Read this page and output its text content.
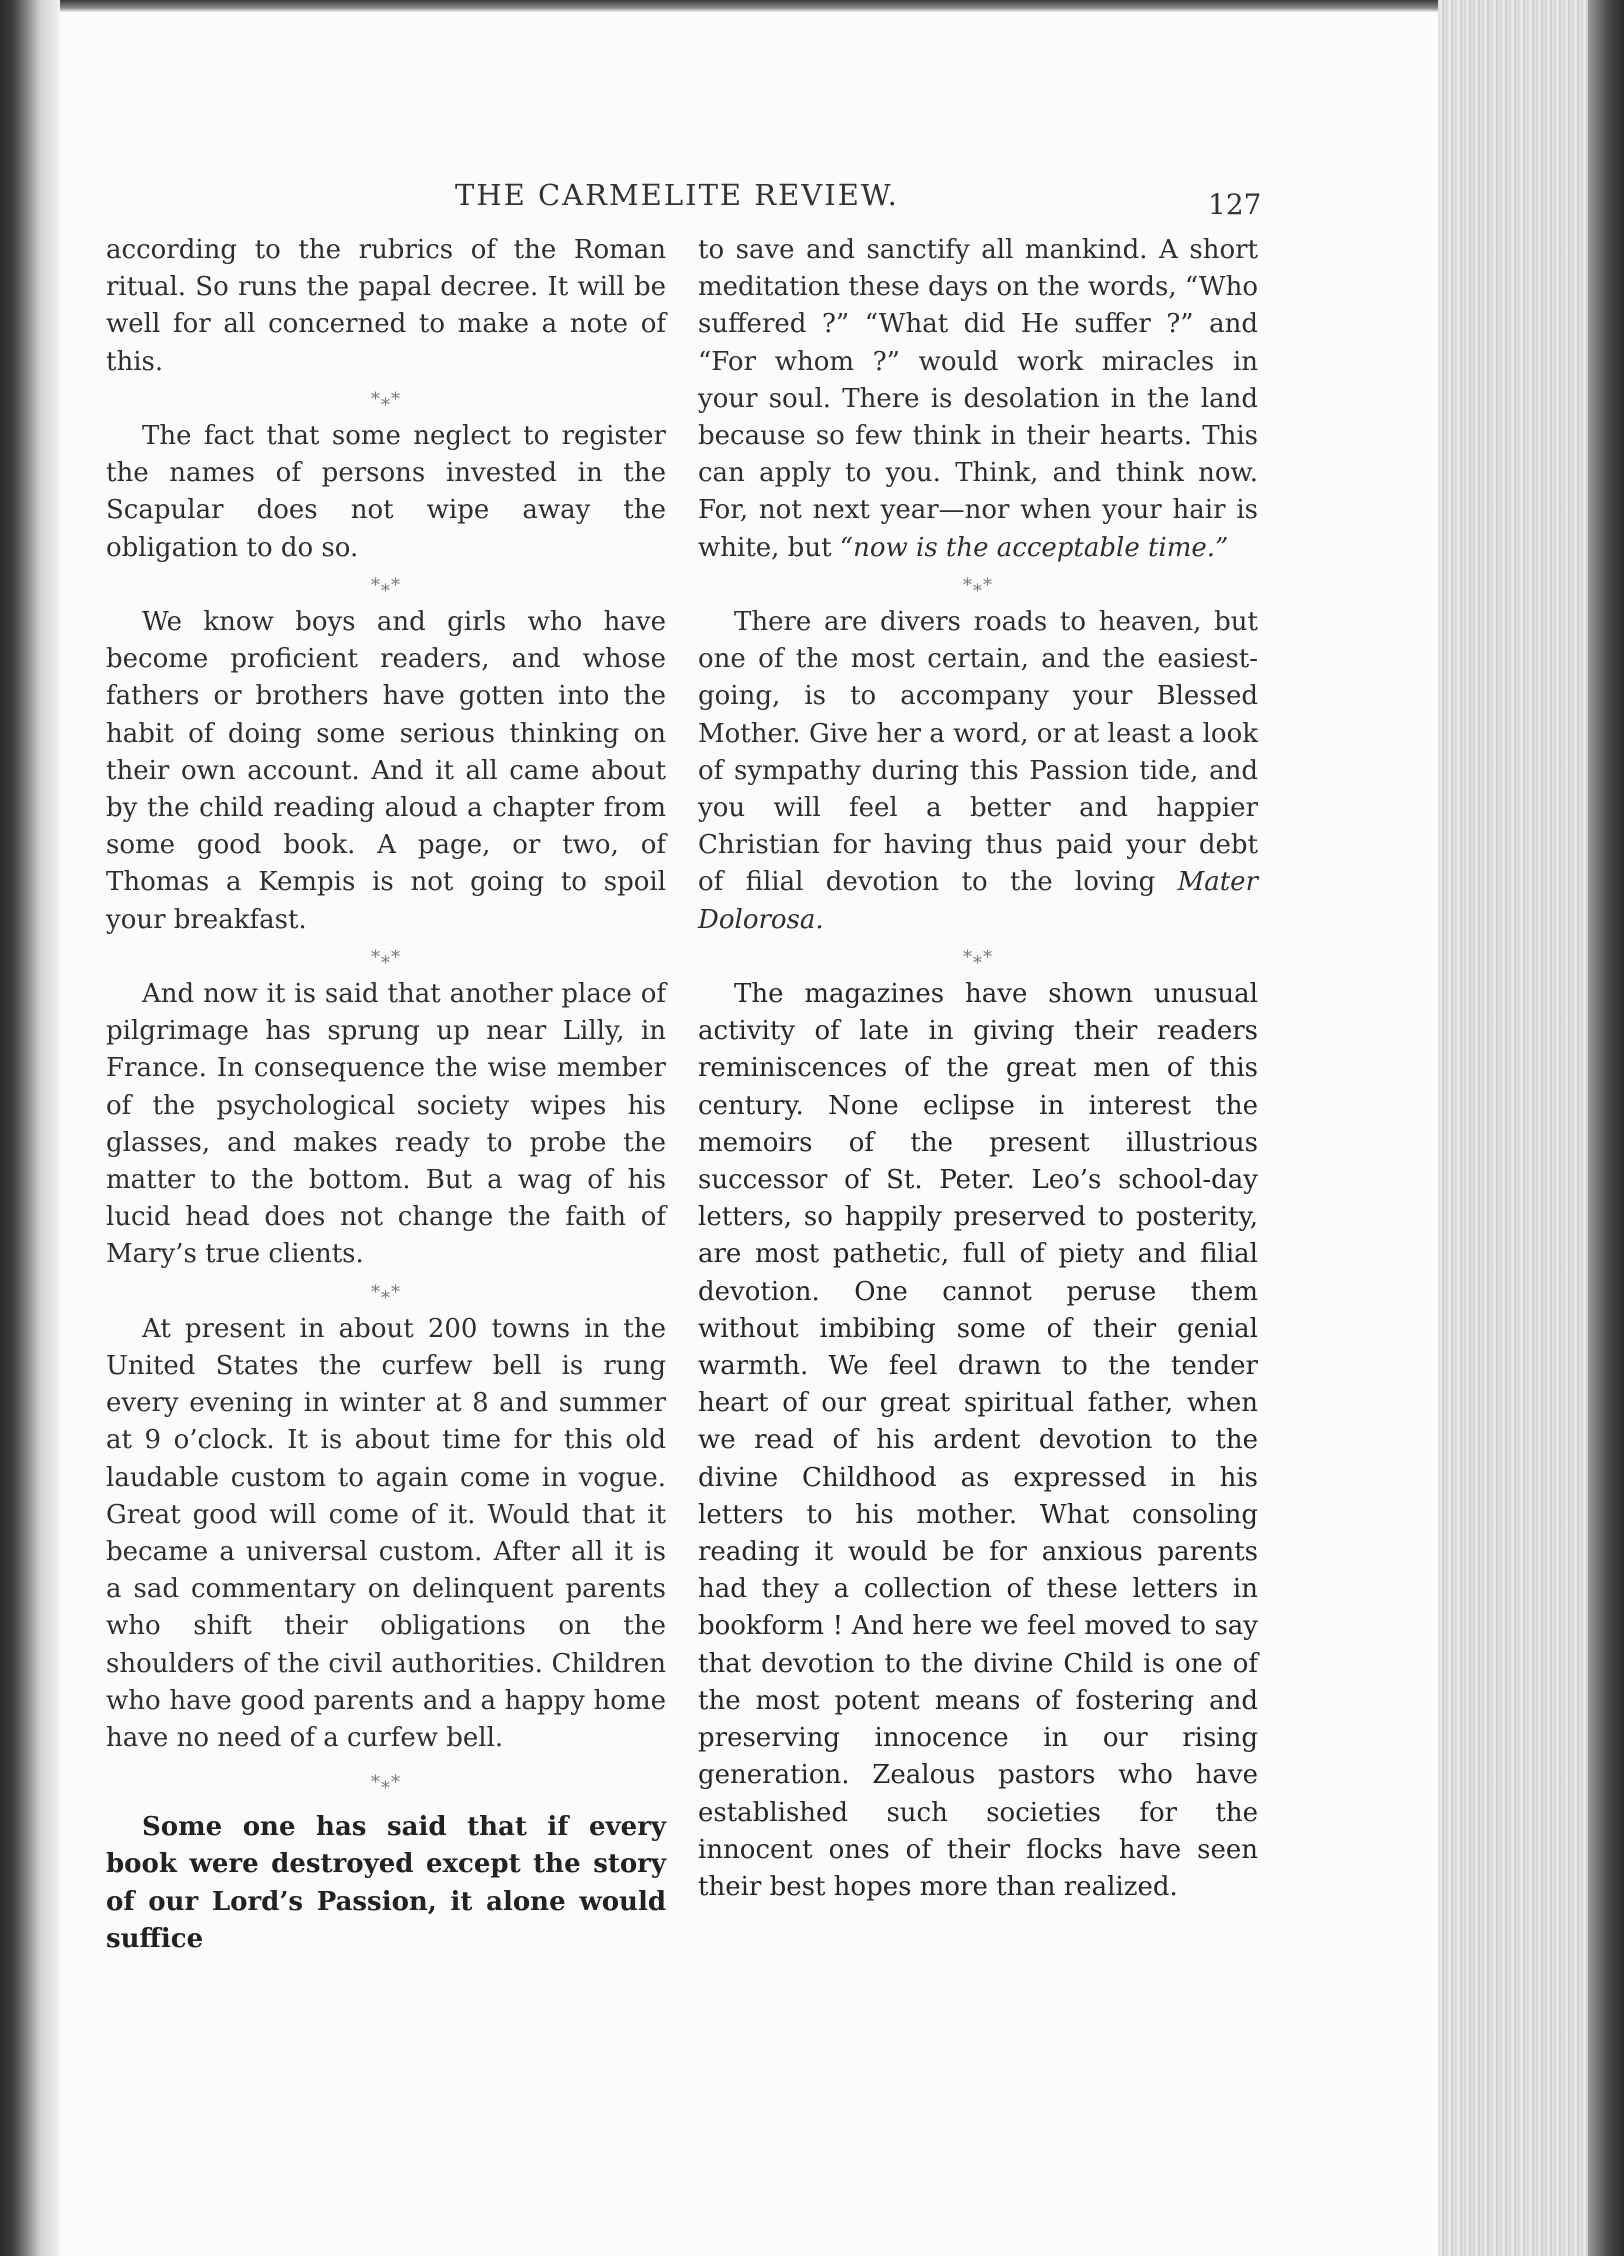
THE CARMELITE REVIEW.	127

according to the rubrics of the Roman ritual. So runs the papal decree. It will be well for all concerned to make a note of this.

*⁎*

The fact that some neglect to register the names of persons invested in the Scapular does not wipe away the obligation to do so.

*⁎*

We know boys and girls who have become proficient readers, and whose fathers or brothers have gotten into the habit of doing some serious thinking on their own account. And it all came about by the child reading aloud a chapter from some good book. A page, or two, of Thomas a Kempis is not going to spoil your breakfast.

*⁎*

And now it is said that another place of pilgrimage has sprung up near Lilly, in France. In consequence the wise member of the psychological society wipes his glasses, and makes ready to probe the matter to the bottom. But a wag of his lucid head does not change the faith of Mary’s true clients.

*⁎*

At present in about 200 towns in the United States the curfew bell is rung every evening in winter at 8 and summer at 9 o’clock. It is about time for this old laudable custom to again come in vogue. Great good will come of it. Would that it became a universal custom. After all it is a sad commentary on delinquent parents who shift their obligations on the shoulders of the civil authorities. Children who have good parents and a happy home have no need of a curfew bell.

*⁎*

Some one has said that if every book were destroyed except the story of our Lord’s Passion, it alone would suffice

to save and sanctify all mankind. A short meditation these days on the words, “Who suffered ?” “What did He suffer ?” and “For whom ?” would work miracles in your soul. There is desolation in the land because so few think in their hearts. This can apply to you. Think, and think now. For, not next year—nor when your hair is white, but “now is the acceptable time.”

*⁎*

There are divers roads to heaven, but one of the most certain, and the easiest-going, is to accompany your Blessed Mother. Give her a word, or at least a look of sympathy during this Passion tide, and you will feel a better and happier Christian for having thus paid your debt of filial devotion to the loving Mater Dolorosa.

*⁎*

The magazines have shown unusual activity of late in giving their readers reminiscences of the great men of this century. None eclipse in interest the memoirs of the present illustrious successor of St. Peter. Leo’s school-day letters, so happily preserved to posterity, are most pathetic, full of piety and filial devotion. One cannot peruse them without imbibing some of their genial warmth. We feel drawn to the tender heart of our great spiritual father, when we read of his ardent devotion to the divine Childhood as expressed in his letters to his mother. What consoling reading it would be for anxious parents had they a collection of these letters in bookform ! And here we feel moved to say that devotion to the divine Child is one of the most potent means of fostering and preserving innocence in our rising generation. Zealous pastors who have established such societies for the innocent ones of their flocks have seen their best hopes more than realized.
